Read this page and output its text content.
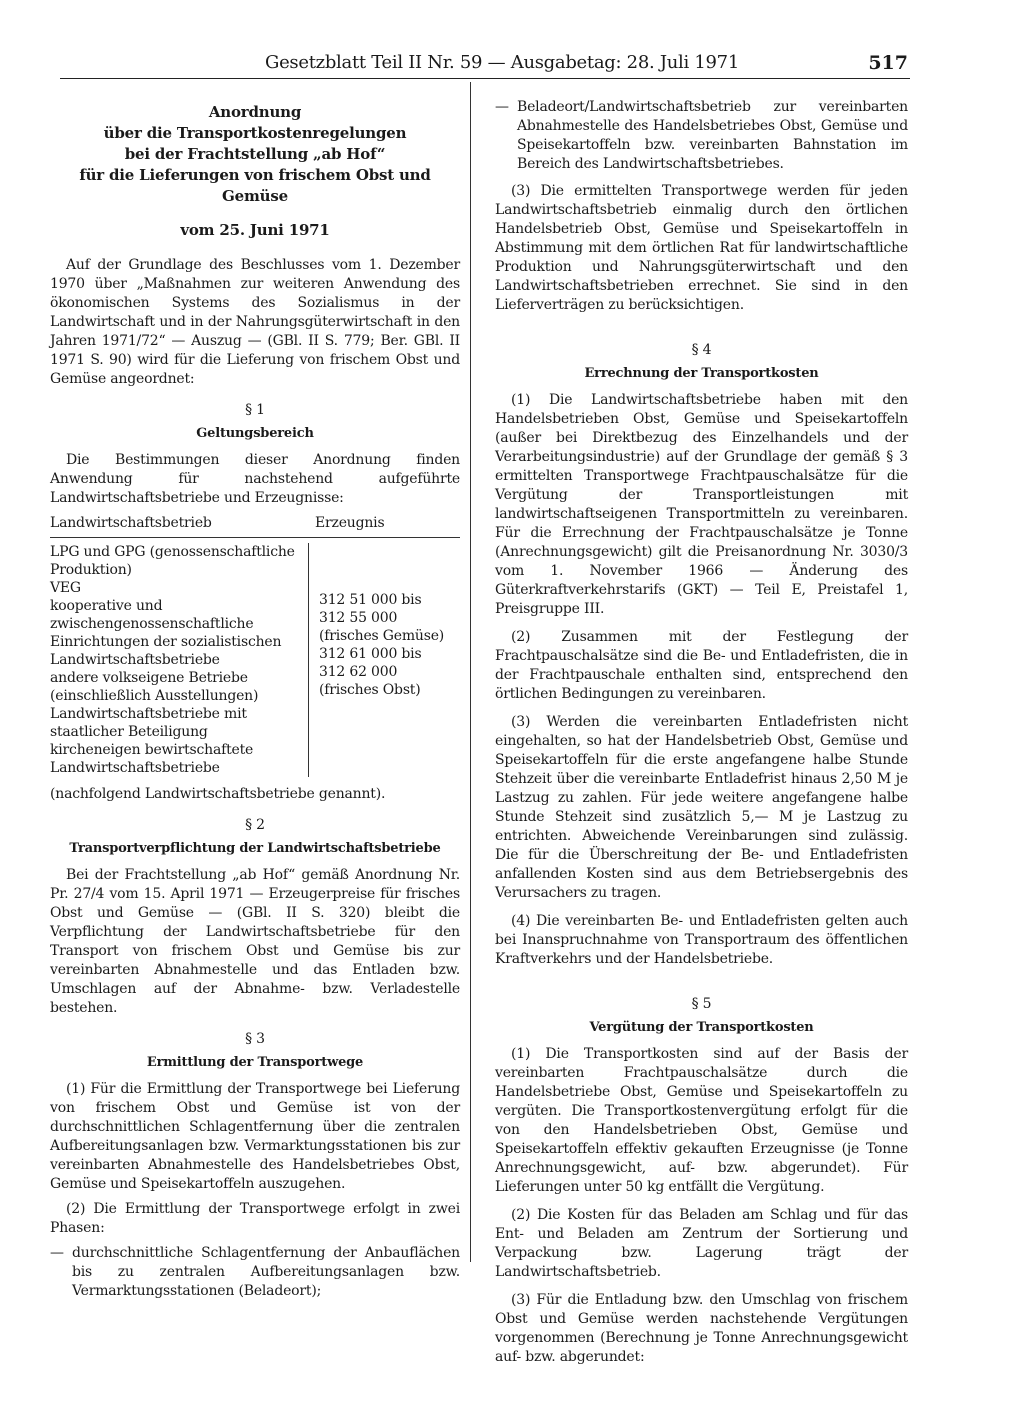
Gesetzblatt Teil II Nr. 59 — Ausgabetag: 28. Juli 1971	517
Anordnung
über die Transportkostenregelungen
bei der Frachtstellung „ab Hof“
für die Lieferungen von frischem Obst und
Gemüse
vom 25. Juni 1971

Auf der Grundlage des Beschlusses vom 1. Dezember 1970 über „Maßnahmen zur weiteren Anwendung des ökonomischen Systems des Sozialismus in der Landwirtschaft und in der Nahrungsgüterwirtschaft in den Jahren 1971/72“ — Auszug — (GBl. II S. 779; Ber. GBl. II 1971 S. 90) wird für die Lieferung von frischem Obst und Gemüse angeordnet:

§ 1
Geltungsbereich

Die Bestimmungen dieser Anordnung finden Anwendung für nachstehend aufgeführte Landwirtschaftsbetriebe und Erzeugnisse:

Landwirtschaftsbetrieb	Erzeugnis
LPG und GPG (genossenschaftliche Produktion)
VEG
kooperative und zwischengenossenschaftliche Einrichtungen der sozialistischen Landwirtschaftsbetriebe
andere volkseigene Betriebe (einschließlich Ausstellungen)
Landwirtschaftsbetriebe mit staatlicher Beteiligung
kircheneigen bewirtschaftete Landwirtschaftsbetriebe
312 51 000 bis
312 55 000
(frisches Gemüse)
312 61 000 bis
312 62 000
(frisches Obst)

(nachfolgend Landwirtschaftsbetriebe genannt).

§ 2
Transportverpflichtung der Landwirtschaftsbetriebe

Bei der Frachtstellung „ab Hof“ gemäß Anordnung Nr. Pr. 27/4 vom 15. April 1971 — Erzeugerpreise für frisches Obst und Gemüse — (GBl. II S. 320) bleibt die Verpflichtung der Landwirtschaftsbetriebe für den Transport von frischem Obst und Gemüse bis zur vereinbarten Abnahmestelle und das Entladen bzw. Umschlagen auf der Abnahme- bzw. Verladestelle bestehen.

§ 3
Ermittlung der Transportwege

(1) Für die Ermittlung der Transportwege bei Lieferung von frischem Obst und Gemüse ist von der durchschnittlichen Schlagentfernung über die zentralen Aufbereitungsanlagen bzw. Vermarktungsstationen bis zur vereinbarten Abnahmestelle des Handelsbetriebes Obst, Gemüse und Speisekartoffeln auszugehen.

(2) Die Ermittlung der Transportwege erfolgt in zwei Phasen:

— durchschnittliche Schlagentfernung der Anbauflächen bis zu zentralen Aufbereitungsanlagen bzw. Vermarktungsstationen (Beladeort);
— Beladeort/Landwirtschaftsbetrieb zur vereinbarten Abnahmestelle des Handelsbetriebes Obst, Gemüse und Speisekartoffeln bzw. vereinbarten Bahnstation im Bereich des Landwirtschaftsbetriebes.

(3) Die ermittelten Transportwege werden für jeden Landwirtschaftsbetrieb einmalig durch den örtlichen Handelsbetrieb Obst, Gemüse und Speisekartoffeln in Abstimmung mit dem örtlichen Rat für landwirtschaftliche Produktion und Nahrungsgüterwirtschaft und den Landwirtschaftsbetrieben errechnet. Sie sind in den Lieferverträgen zu berücksichtigen.

§ 4
Errechnung der Transportkosten

(1) Die Landwirtschaftsbetriebe haben mit den Handelsbetrieben Obst, Gemüse und Speisekartoffeln (außer bei Direktbezug des Einzelhandels und der Verarbeitungsindustrie) auf der Grundlage der gemäß § 3 ermittelten Transportwege Frachtpauschalsätze für die Vergütung der Transportleistungen mit landwirtschaftseigenen Transportmitteln zu vereinbaren. Für die Errechnung der Frachtpauschalsätze je Tonne (Anrechnungsgewicht) gilt die Preisanordnung Nr. 3030/3 vom 1. November 1966 — Änderung des Güterkraftverkehrstarifs (GKT) — Teil E, Preistafel 1, Preisgruppe III.

(2) Zusammen mit der Festlegung der Frachtpauschalsätze sind die Be- und Entladefristen, die in der Frachtpauschale enthalten sind, entsprechend den örtlichen Bedingungen zu vereinbaren.

(3) Werden die vereinbarten Entladefristen nicht eingehalten, so hat der Handelsbetrieb Obst, Gemüse und Speisekartoffeln für die erste angefangene halbe Stunde Stehzeit über die vereinbarte Entladefrist hinaus 2,50 M je Lastzug zu zahlen. Für jede weitere angefangene halbe Stunde Stehzeit sind zusätzlich 5,— M je Lastzug zu entrichten. Abweichende Vereinbarungen sind zulässig. Die für die Überschreitung der Be- und Entladefristen anfallenden Kosten sind aus dem Betriebsergebnis des Verursachers zu tragen.

(4) Die vereinbarten Be- und Entladefristen gelten auch bei Inanspruchnahme von Transportraum des öffentlichen Kraftverkehrs und der Handelsbetriebe.

§ 5
Vergütung der Transportkosten

(1) Die Transportkosten sind auf der Basis der vereinbarten Frachtpauschalsätze durch die Handelsbetriebe Obst, Gemüse und Speisekartoffeln zu vergüten. Die Transportkostenvergütung erfolgt für die von den Handelsbetrieben Obst, Gemüse und Speisekartoffeln effektiv gekauften Erzeugnisse (je Tonne Anrechnungsgewicht, auf- bzw. abgerundet). Für Lieferungen unter 50 kg entfällt die Vergütung.

(2) Die Kosten für das Beladen am Schlag und für das Ent- und Beladen am Zentrum der Sortierung und Verpackung bzw. Lagerung trägt der Landwirtschaftsbetrieb.

(3) Für die Entladung bzw. den Umschlag von frischem Obst und Gemüse werden nachstehende Vergütungen vorgenommen (Berechnung je Tonne Anrechnungsgewicht auf- bzw. abgerundet:
